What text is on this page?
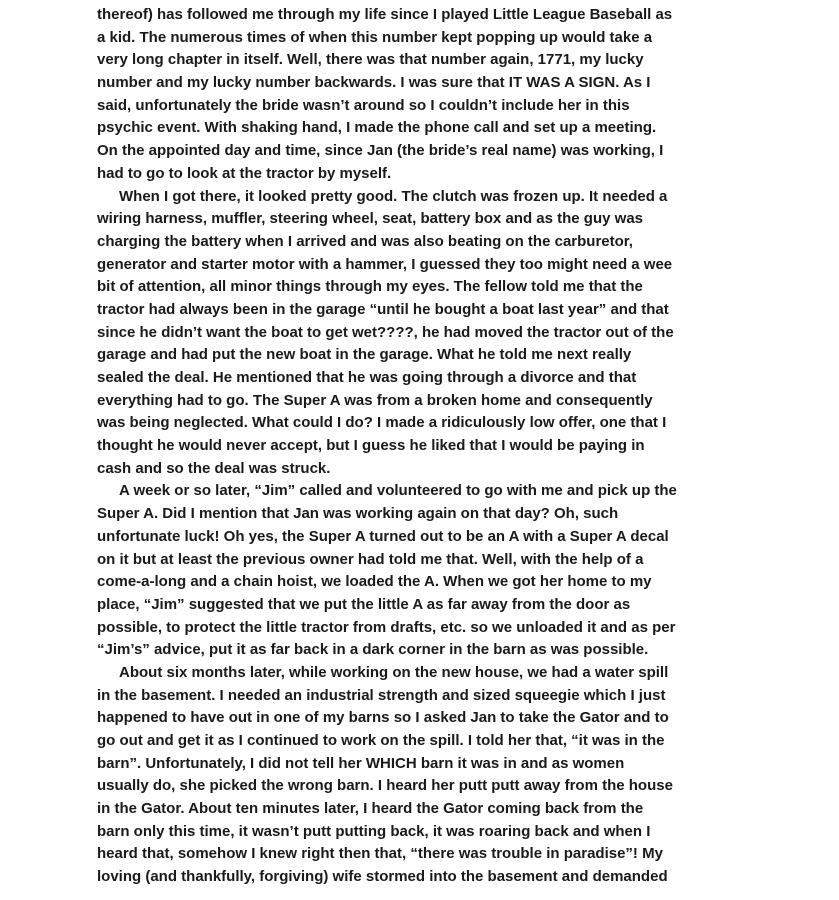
thereof) has followed me through my life since I played Little League Baseball as
a kid. The numerous times of when this number kept popping up would take a
very long chapter in itself. Well, there was that number again, 1771, my lucky
number and my lucky number backwards. I was sure that IT WAS A SIGN. As I
said, unfortunately the bride wasn’t around so I couldn’t include her in this
psychic event. With shaking hand, I made the phone call and set up a meeting.
On the appointed day and time, since Jan (the bride’s real name) was working, I
had to go to look at the tractor by myself.
When I got there, it looked pretty good. The clutch was frozen up. It needed a
wiring harness, muffler, steering wheel, seat, battery box and as the guy was
charging the battery when I arrived and was also beating on the carburetor,
generator and starter motor with a hammer, I guessed they too might need a wee
bit of attention, all minor things through my eyes. The fellow told me that the
tractor had always been in the garage “until he bought a boat last year” and that
since he didn’t want the boat to get wet????, he had moved the tractor out of the
garage and had put the new boat in the garage. What he told me next really
sealed the deal. He mentioned that he was going through a divorce and that
everything had to go. The Super A was from a broken home and consequently
was being neglected. What could I do? I made a ridiculously low offer, one that I
thought he would never accept, but I guess he liked that I would be paying in
cash and so the deal was struck.
A week or so later, “Jim” called and volunteered to go with me and pick up the
Super A. Did I mention that Jan was working again on that day? Oh, such
unfortunate luck! Oh yes, the Super A turned out to be an A with a Super A decal
on it but at least the previous owner had told me that. Well, with the help of a
come-a-long and a chain hoist, we loaded the A. When we got her home to my
place, “Jim” suggested that we put the little A as far away from the door as
possible, to protect the little tractor from drafts, etc. so we unloaded it and as per
“Jim’s” advice, put it as far back in a dark corner in the barn as was possible.
About six months later, while working on the new house, we had a water spill
in the basement. I needed an industrial strength and sized squeegie which I just
happened to have out in one of my barns so I asked Jan to take the Gator and to
go out and get it as I continued to work on the spill. I told her that, “it was in the
barn”. Unfortunately, I did not tell her WHICH barn it was in and as women
usually do, she picked the wrong barn. I heard her putt putt away from the house
in the Gator. About ten minutes later, I heard the Gator coming back from the
barn only this time, it wasn’t putt putting back, it was roaring back and when I
heard that, somehow I knew right then that, “there was trouble in paradise”! My
loving (and thankfully, forgiving) wife stormed into the basement and demanded
